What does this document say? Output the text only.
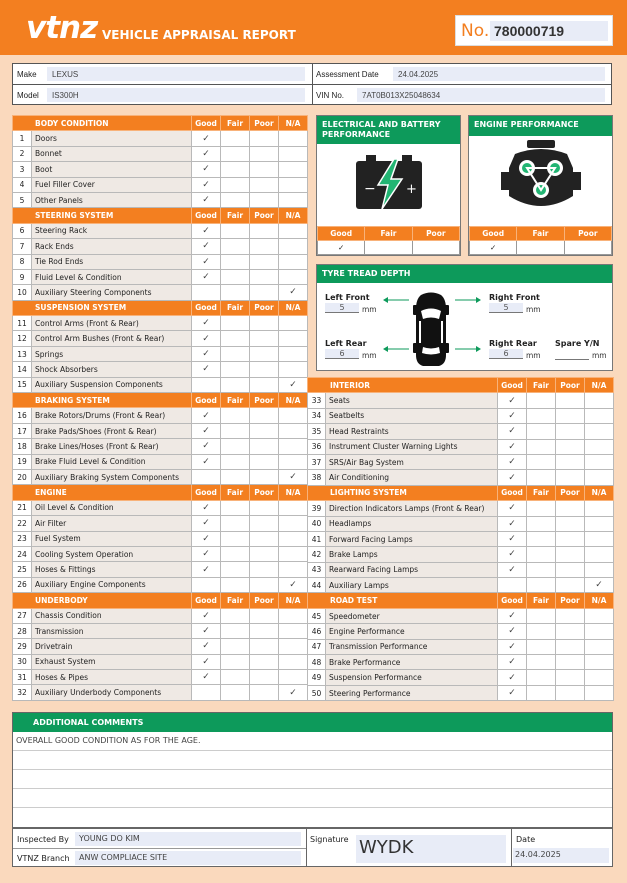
vtnz VEHICLE APPRAISAL REPORT	No. 780000719
Make	LEXUS
Model	IS300H
Assessment Date	24.04.2025
VIN No.	7AT0B013X25048634
BODY CONDITION		Good	Fair	Poor	N/A
1	Doors	✓			
2	Bonnet	✓			
3	Boot	✓			
4	Fuel Filler Cover	✓			
5	Other Panels	✓			
STEERING SYSTEM		Good	Fair	Poor	N/A
6	Steering Rack	✓			
7	Rack Ends	✓			
8	Tie Rod Ends	✓			
9	Fluid Level & Condition	✓			
10	Auxiliary Steering Components				✓
SUSPENSION SYSTEM		Good	Fair	Poor	N/A
11	Control Arms (Front & Rear)	✓			
12	Control Arm Bushes (Front & Rear)	✓			
13	Springs	✓			
14	Shock Absorbers	✓			
15	Auxiliary Suspension Components				✓
BRAKING SYSTEM		Good	Fair	Poor	N/A
16	Brake Rotors/Drums (Front & Rear)	✓			
17	Brake Pads/Shoes (Front & Rear)	✓			
18	Brake Lines/Hoses (Front & Rear)	✓			
19	Brake Fluid Level & Condition	✓			
20	Auxiliary Braking System Components				✓
ENGINE		Good	Fair	Poor	N/A
21	Oil Level & Condition	✓			
22	Air Filter	✓			
23	Fuel System	✓			
24	Cooling System Operation	✓			
25	Hoses & Fittings	✓			
26	Auxiliary Engine Components				✓
UNDERBODY		Good	Fair	Poor	N/A
27	Chassis Condition	✓			
28	Transmission	✓			
29	Drivetrain	✓			
30	Exhaust System	✓			
31	Hoses & Pipes	✓			
32	Auxiliary Underbody Components				✓
INTERIOR		Good	Fair	Poor	N/A
33	Seats	✓			
34	Seatbelts	✓			
35	Head Restraints	✓			
36	Instrument Cluster Warning Lights	✓			
37	SRS/Air Bag System	✓			
38	Air Conditioning	✓			
LIGHTING SYSTEM		Good	Fair	Poor	N/A
39	Direction Indicators Lamps (Front & Rear)	✓			
40	Headlamps	✓			
41	Forward Facing Lamps	✓			
42	Brake Lamps	✓			
43	Rearward Facing Lamps	✓			
44	Auxiliary Lamps				✓
ROAD TEST		Good	Fair	Poor	N/A
45	Speedometer	✓			
46	Engine Performance	✓			
47	Transmission Performance	✓			
48	Brake Performance	✓			
49	Suspension Performance	✓			
50	Steering Performance	✓			
ELECTRICAL AND BATTERY PERFORMANCE
− +
Good	Fair	Poor
✓		
ENGINE PERFORMANCE
Good	Fair	Poor
✓		
TYRE TREAD DEPTH
Left Front
5	mm
Right Front
5	mm
Left Rear
6	mm
Right Rear
6	mm
Spare Y/N
mm
ADDITIONAL COMMENTS
OVERALL GOOD CONDITION AS FOR THE AGE.
Inspected By	YOUNG DO KIM
VTNZ Branch	ANW COMPLIACE SITE
Signature WYDK	Date
24.04.2025
